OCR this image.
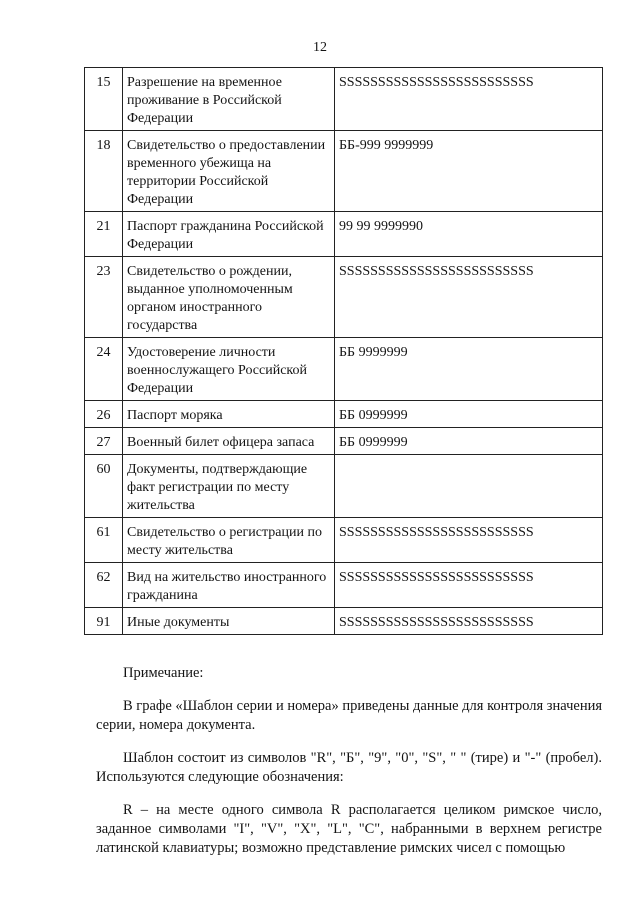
12
15	Разрешение на временное проживание в Российской Федерации	SSSSSSSSSSSSSSSSSSSSSSSSS
18	Свидетельство о предоставлении временного убежища на территории Российской Федерации	ББ-999 9999999
21	Паспорт гражданина Российской Федерации	99 99 9999990
23	Свидетельство о рождении, выданное уполномоченным органом иностранного государства	SSSSSSSSSSSSSSSSSSSSSSSSS
24	Удостоверение личности военнослужащего Российской Федерации	ББ 9999999
26	Паспорт моряка	ББ 0999999
27	Военный билет офицера запаса	ББ 0999999
60	Документы, подтверждающие факт регистрации по месту жительства	
61	Свидетельство о регистрации по месту жительства	SSSSSSSSSSSSSSSSSSSSSSSSS
62	Вид на жительство иностранного гражданина	SSSSSSSSSSSSSSSSSSSSSSSSS
91	Иные документы	SSSSSSSSSSSSSSSSSSSSSSSSS

Примечание:

В графе «Шаблон серии и номера» приведены данные для контроля значения серии, номера документа.

Шаблон состоит из символов "R", "Б", "9", "0", "S", " " (тире) и "-" (пробел). Используются следующие обозначения:

R – на месте одного символа R располагается целиком римское число, заданное символами "I", "V", "X", "L", "C", набранными в верхнем регистре латинской клавиатуры; возможно представление римских чисел с помощью
